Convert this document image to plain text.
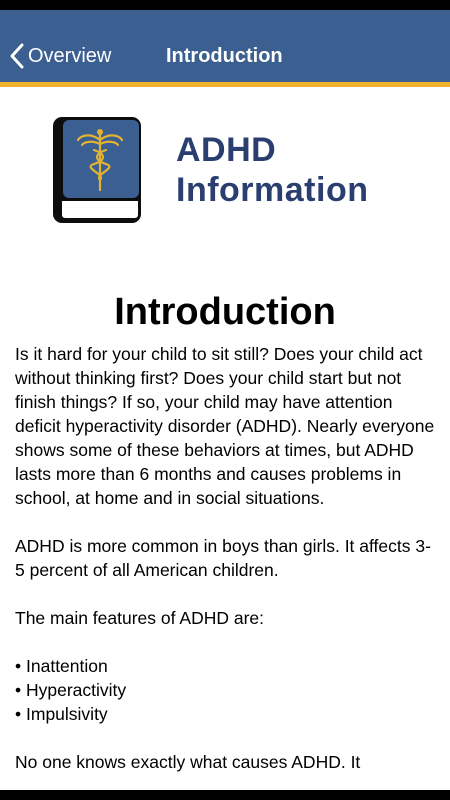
Overview	Introduction
ADHD
Information
Introduction

Is it hard for your child to sit still? Does your child act without thinking first? Does your child start but not finish things? If so, your child may have attention deficit hyperactivity disorder (ADHD). Nearly everyone shows some of these behaviors at times, but ADHD lasts more than 6 months and causes problems in school, at home and in social situations.

ADHD is more common in boys than girls. It affects 3-5 percent of all American children.

The main features of ADHD are:

• Inattention
• Hyperactivity
• Impulsivity

No one knows exactly what causes ADHD. It
